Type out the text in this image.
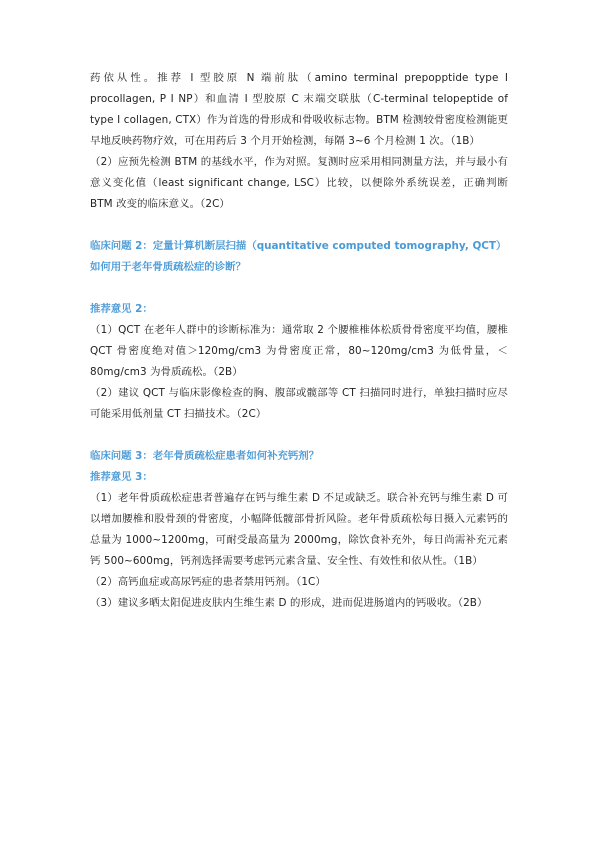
药依从性。推荐 I 型胶原 N 端前肽（amino terminal prepopptide type I procollagen, P I NP）和血清 I 型胶原 C 末端交联肽（C-terminal telopeptide of type I collagen, CTX）作为首选的骨形成和骨吸收标志物。BTM 检测较骨密度检测能更早地反映药物疗效，可在用药后 3 个月开始检测，每隔 3~6 个月检测 1 次。（1B）

（2）应预先检测 BTM 的基线水平，作为对照。复测时应采用相同测量方法，并与最小有意义变化值（least significant change, LSC）比较，以便除外系统误差，正确判断 BTM 改变的临床意义。（2C）

临床问题 2：定量计算机断层扫描（quantitative computed tomography, QCT）如何用于老年骨质疏松症的诊断？

推荐意见 2：

（1）QCT 在老年人群中的诊断标准为：通常取 2 个腰椎椎体松质骨骨密度平均值，腰椎 QCT 骨密度绝对值＞120mg/cm3 为骨密度正常，80~120mg/cm3 为低骨量，＜80mg/cm3 为骨质疏松。（2B）

（2）建议 QCT 与临床影像检查的胸、腹部或髋部等 CT 扫描同时进行，单独扫描时应尽可能采用低剂量 CT 扫描技术。（2C）

临床问题 3：老年骨质疏松症患者如何补充钙剂？

推荐意见 3：

（1）老年骨质疏松症患者普遍存在钙与维生素 D 不足或缺乏。联合补充钙与维生素 D 可以增加腰椎和股骨颈的骨密度，小幅降低髋部骨折风险。老年骨质疏松每日摄入元素钙的总量为 1000~1200mg，可耐受最高量为 2000mg，除饮食补充外，每日尚需补充元素钙 500~600mg，钙剂选择需要考虑钙元素含量、安全性、有效性和依从性。（1B）

（2）高钙血症或高尿钙症的患者禁用钙剂。（1C）

（3）建议多晒太阳促进皮肤内生维生素 D 的形成，进而促进肠道内的钙吸收。（2B）
